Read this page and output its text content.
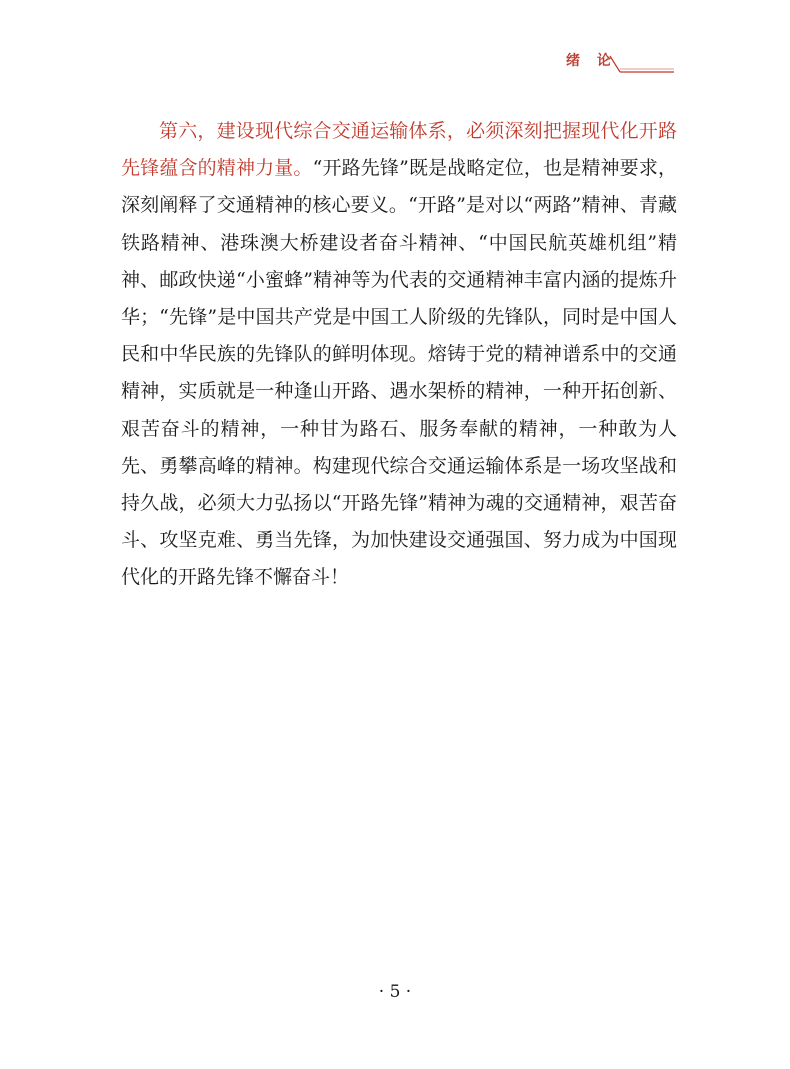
绪 论

第六，建设现代综合交通运输体系，必须深刻把握现代化开路先锋蕴含的精神力量。“开路先锋”既是战略定位，也是精神要求，深刻阐释了交通精神的核心要义。“开路”是对以“两路”精神、青藏铁路精神、港珠澳大桥建设者奋斗精神、“中国民航英雄机组”精神、邮政快递“小蜜蜂”精神等为代表的交通精神丰富内涵的提炼升华；“先锋”是中国共产党是中国工人阶级的先锋队，同时是中国人民和中华民族的先锋队的鲜明体现。熔铸于党的精神谱系中的交通精神，实质就是一种逢山开路、遇水架桥的精神，一种开拓创新、艰苦奋斗的精神，一种甘为路石、服务奉献的精神，一种敢为人先、勇攀高峰的精神。构建现代综合交通运输体系是一场攻坚战和持久战，必须大力弘扬以“开路先锋”精神为魂的交通精神，艰苦奋斗、攻坚克难、勇当先锋，为加快建设交通强国、努力成为中国现代化的开路先锋不懈奋斗！

· 5 ·
